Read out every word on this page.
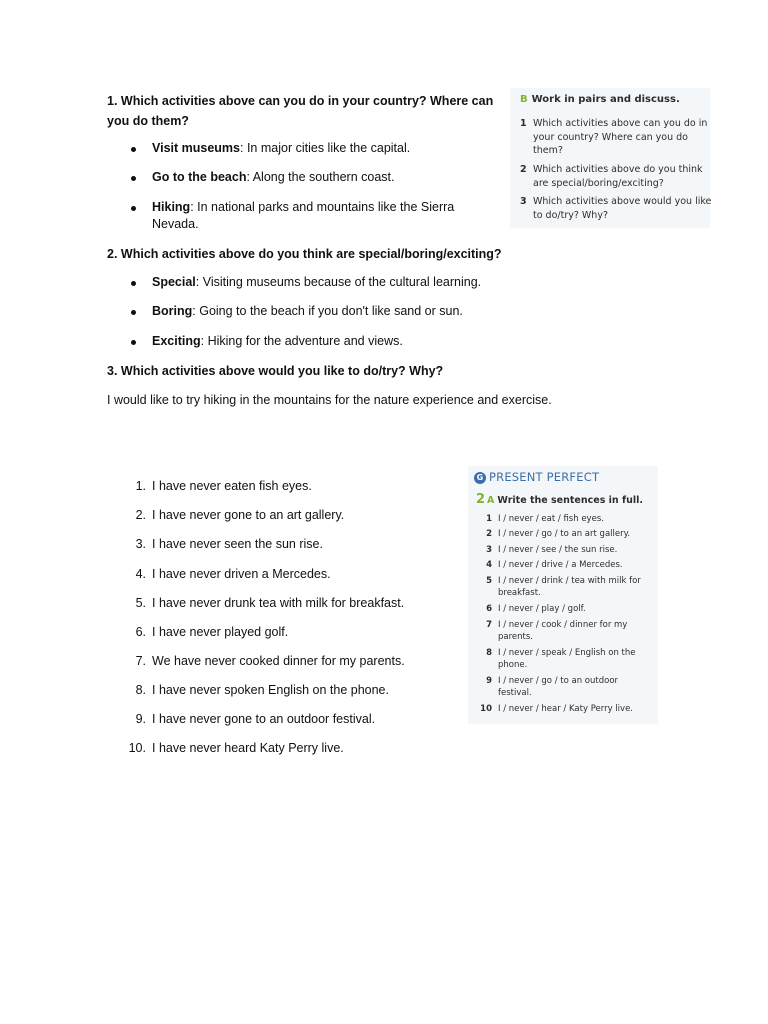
1. Which activities above can you do in your country? Where can you do them?
Visit museums: In major cities like the capital.
Go to the beach: Along the southern coast.
Hiking: In national parks and mountains like the Sierra Nevada.
2. Which activities above do you think are special/boring/exciting?
Special: Visiting museums because of the cultural learning.
Boring: Going to the beach if you don't like sand or sun.
Exciting: Hiking for the adventure and views.
3. Which activities above would you like to do/try? Why?
I would like to try hiking in the mountains for the nature experience and exercise.
B Work in pairs and discuss.
1 Which activities above can you do in your country? Where can you do them?
2 Which activities above do you think are special/boring/exciting?
3 Which activities above would you like to do/try? Why?
1. I have never eaten fish eyes.
2. I have never gone to an art gallery.
3. I have never seen the sun rise.
4. I have never driven a Mercedes.
5. I have never drunk tea with milk for breakfast.
6. I have never played golf.
7. We have never cooked dinner for my parents.
8. I have never spoken English on the phone.
9. I have never gone to an outdoor festival.
10. I have never heard Katy Perry live.
G PRESENT PERFECT
2 A Write the sentences in full.
1 I / never / eat / fish eyes.
2 I / never / go / to an art gallery.
3 I / never / see / the sun rise.
4 I / never / drive / a Mercedes.
5 I / never / drink / tea with milk for breakfast.
6 I / never / play / golf.
7 I / never / cook / dinner for my parents.
8 I / never / speak / English on the phone.
9 I / never / go / to an outdoor festival.
10 I / never / hear / Katy Perry live.
